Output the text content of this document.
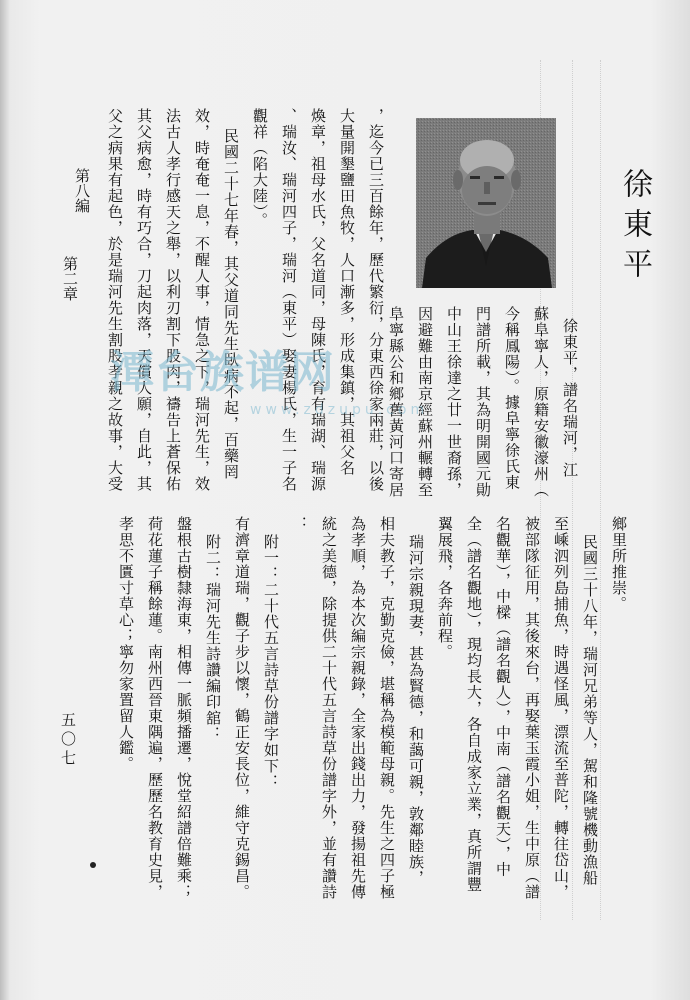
徐東平
徐東平，譜名瑞河，江
蘇阜寧人，原籍安徽濠州（
今稱鳳陽）。據阜寧徐氏東
門譜所載，其為明開國元勛
中山王徐達之廿一世裔孫，
因避難由南京經蘇州輾轉至
阜寧縣公和鄉舊黃河口寄居
，迄今已三百餘年，歷代繁衍，分東西徐家兩莊，以後
大量開墾鹽田魚牧，人口漸多，形成集鎮，其祖父名
煥章，祖母水氏，父名道同，母陳氏，育有瑞湖、瑞源
、瑞汝、瑞河四子，瑞河（東平）娶妻楊氏，生一子名
觀祥（陷大陸）。
民國二十七年春，其父道同先生臥病不起，百藥罔
效，時奄奄一息，不醒人事，情急之下，瑞河先生，效
法古人孝行感天之舉，以利刃割下股肉，禱告上蒼保佑
其父病愈，時有巧合，刀起肉落，天償人願，自此，其
父之病果有起色，於是瑞河先生割股孝親之故事，大受
第八編
第二章
鄉里所推崇。
民國三十八年，瑞河兄弟等人，駕和隆號機動漁船
至嵊泗列島捕魚，時遇怪風，漂流至普陀，轉往岱山，
被部隊征用，其後來台，再娶葉玉霞小姐，生中原（譜
名觀華），中樑（譜名觀人），中南（譜名觀天），中
全（譜名觀地），現均長大，各自成家立業，真所謂豐
翼展飛，各奔前程。
瑞河宗親現妻，甚為賢德，和藹可親，敦鄰睦族，
相夫教子，克勤克儉，堪稱為模範母親。先生之四子極
為孝順，為本次編宗親錄，全家出錢出力，發揚祖先傳
統之美德，除提供二十代五言詩草份譜字外，並有讚詩
：
附一：二十代五言詩草份譜字如下：
有濟章道瑞，觀子步以懷，鶴正安長位，維守克錫昌。
附二：瑞河先生詩讚編印舘：
盤根古樹隸海東，相傳一脈頻播遷，悅堂紹譜倍難乘；
荷花蓮子稱餘蓮。南州西晉東隅遍，歷歷名教育史見，
孝思不匱寸草心；寧勿家置留人鑑。
五〇七
潭台族谱网
www.zdzupu.com
